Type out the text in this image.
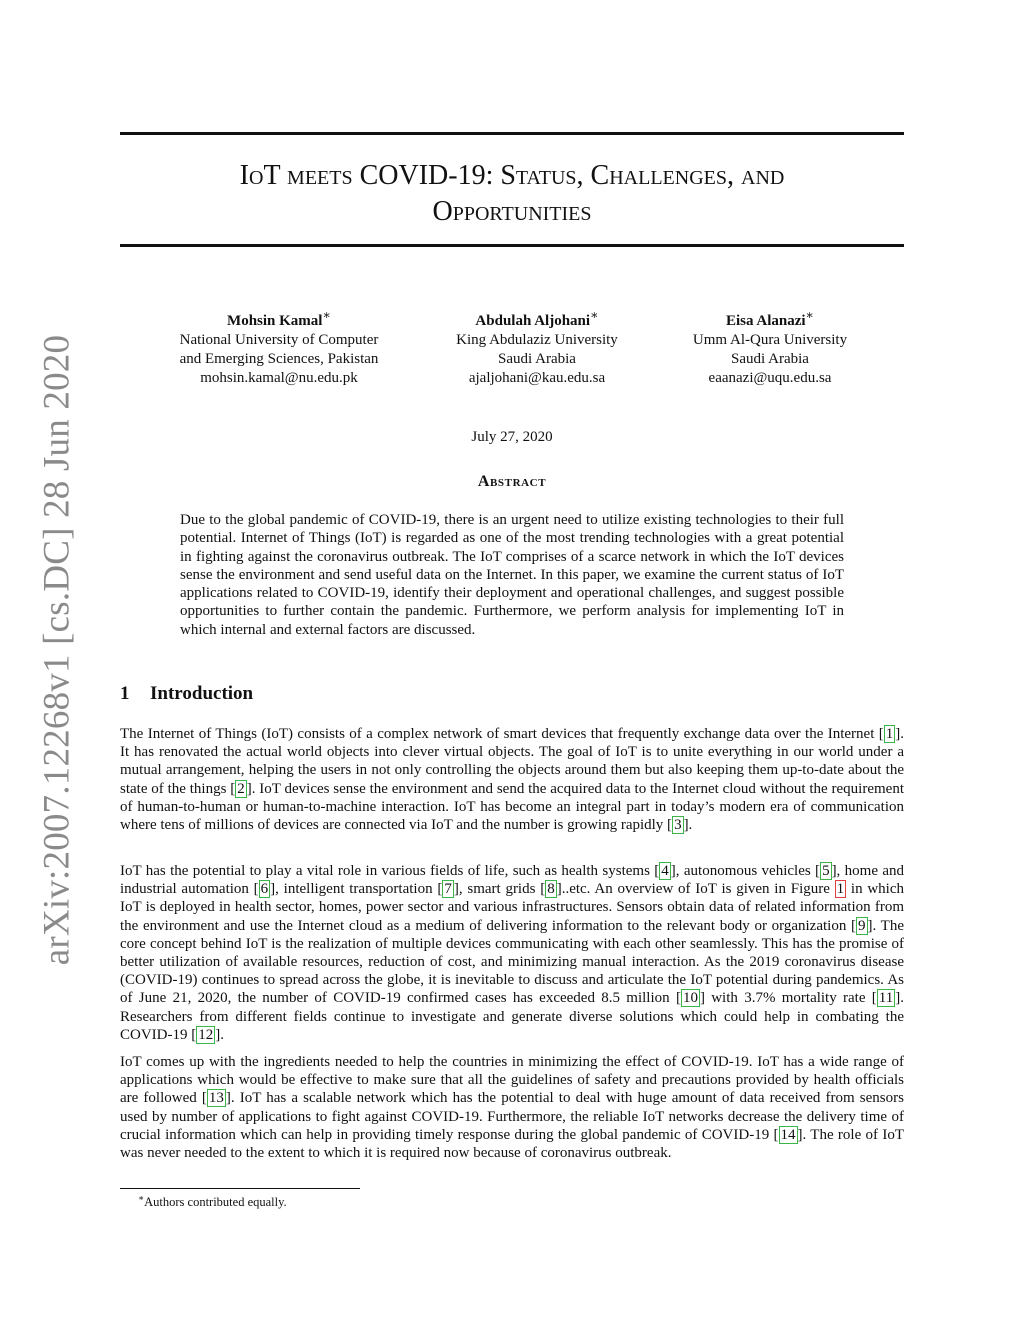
arXiv:2007.12268v1 [cs.DC] 28 Jun 2020
IoT meets COVID-19: Status, Challenges, and
Opportunities
Mohsin Kamal∗
National University of Computer
and Emerging Sciences, Pakistan
mohsin.kamal@nu.edu.pk
Abdulah Aljohani∗
King Abdulaziz University
Saudi Arabia
ajaljohani@kau.edu.sa
Eisa Alanazi∗
Umm Al-Qura University
Saudi Arabia
eaanazi@uqu.edu.sa
July 27, 2020
Abstract

Due to the global pandemic of COVID-19, there is an urgent need to utilize existing technologies to their full potential. Internet of Things (IoT) is regarded as one of the most trending technologies with a great potential in fighting against the coronavirus outbreak. The IoT comprises of a scarce network in which the IoT devices sense the environment and send useful data on the Internet. In this paper, we examine the current status of IoT applications related to COVID-19, identify their deployment and operational challenges, and suggest possible opportunities to further contain the pandemic. Furthermore, we perform analysis for implementing IoT in which internal and external factors are discussed.

1 Introduction

The Internet of Things (IoT) consists of a complex network of smart devices that frequently exchange data over the Internet [ 1 ]. It has renovated the actual world objects into clever virtual objects. The goal of IoT is to unite everything in our world under a mutual arrangement, helping the users in not only controlling the objects around them but also keeping them up-to-date about the state of the things [ 2 ]. IoT devices sense the environment and send the acquired data to the Internet cloud without the requirement of human-to-human or human-to-machine interaction. IoT has become an integral part in today’s modern era of communication where tens of millions of devices are connected via IoT and the number is growing rapidly [ 3 ].

IoT has the potential to play a vital role in various fields of life, such as health systems [ 4 ], autonomous vehicles [ 5 ], home and industrial automation [ 6 ], intelligent transportation [ 7 ], smart grids [ 8 ]..etc. An overview of IoT is given in Figure 1 in which IoT is deployed in health sector, homes, power sector and various infrastructures. Sensors obtain data of related information from the environment and use the Internet cloud as a medium of delivering information to the relevant body or organization [ 9 ]. The core concept behind IoT is the realization of multiple devices communicating with each other seamlessly. This has the promise of better utilization of available resources, reduction of cost, and minimizing manual interaction. As the 2019 coronavirus disease (COVID-19) continues to spread across the globe, it is inevitable to discuss and articulate the IoT potential during pandemics. As of June 21, 2020, the number of COVID-19 confirmed cases has exceeded 8.5 million [ 10 ] with 3.7% mortality rate [ 11 ]. Researchers from different fields continue to investigate and generate diverse solutions which could help in combating the COVID-19 [ 12 ].

IoT comes up with the ingredients needed to help the countries in minimizing the effect of COVID-19. IoT has a wide range of applications which would be effective to make sure that all the guidelines of safety and precautions provided by health officials are followed [ 13 ]. IoT has a scalable network which has the potential to deal with huge amount of data received from sensors used by number of applications to fight against COVID-19. Furthermore, the reliable IoT networks decrease the delivery time of crucial information which can help in providing timely response during the global pandemic of COVID-19 [ 14 ]. The role of IoT was never needed to the extent to which it is required now because of coronavirus outbreak.

∗Authors contributed equally.
